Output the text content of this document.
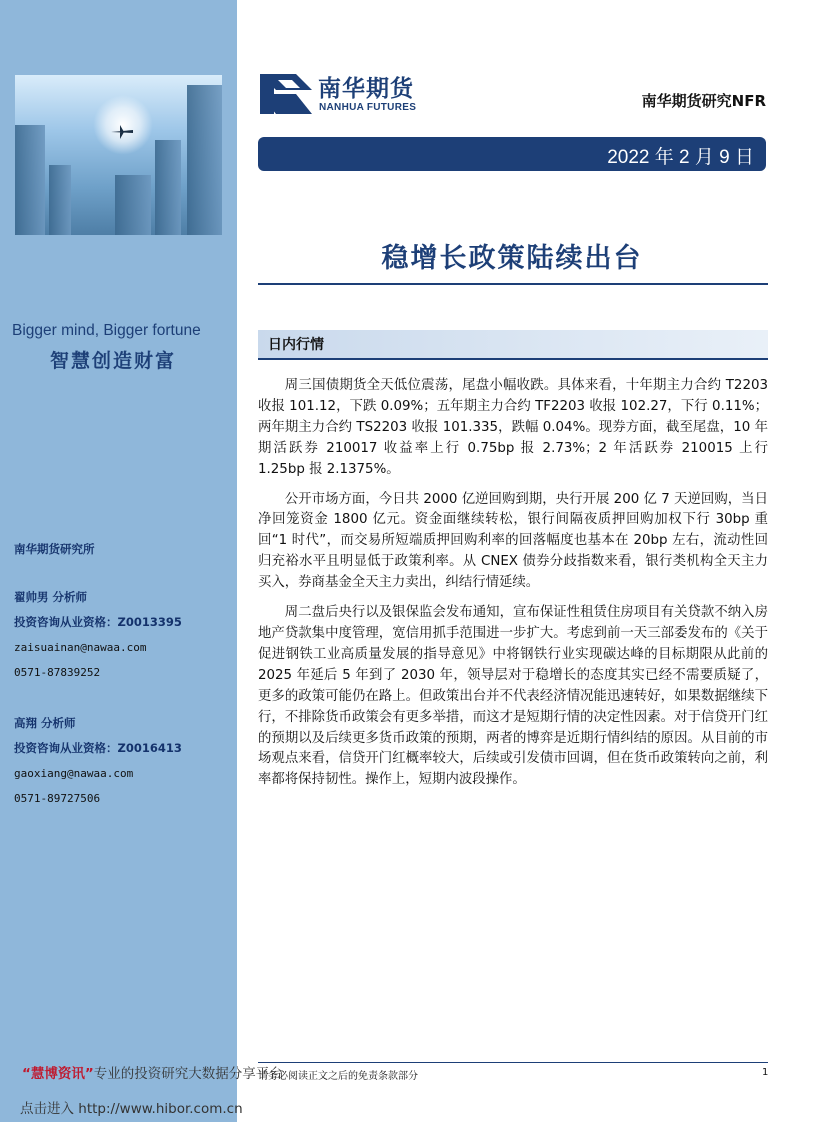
Bigger mind, Bigger fortune
智慧创造财富
南华期货研究所
翟帅男 分析师
投资咨询从业资格：Z0013395
zaisuainan@nawaa.com
0571-87839252
高翔 分析师
投资咨询从业资格：Z0016413
gaoxiang@nawaa.com
0571-89727506
南华期货
NANHUA FUTURES	南华期货研究NFR
2022 年 2 月 9 日
稳增长政策陆续出台
日内行情

周三国债期货全天低位震荡，尾盘小幅收跌。具体来看，十年期主力合约 T2203 收报 101.12，下跌 0.09%；五年期主力合约 TF2203 收报 102.27，下行 0.11%；两年期主力合约 TS2203 收报 101.335，跌幅 0.04%。现券方面，截至尾盘，10 年期活跃券 210017 收益率上行 0.75bp 报 2.73%；2 年活跃券 210015 上行 1.25bp 报 2.1375%。

公开市场方面，今日共 2000 亿逆回购到期，央行开展 200 亿 7 天逆回购，当日净回笼资金 1800 亿元。资金面继续转松，银行间隔夜质押回购加权下行 30bp 重回“1 时代”，而交易所短端质押回购利率的回落幅度也基本在 20bp 左右，流动性回归充裕水平且明显低于政策利率。从 CNEX 债券分歧指数来看，银行类机构全天主力买入，券商基金全天主力卖出，纠结行情延续。

周二盘后央行以及银保监会发布通知，宣布保证性租赁住房项目有关贷款不纳入房地产贷款集中度管理，宽信用抓手范围进一步扩大。考虑到前一天三部委发布的《关于促进钢铁工业高质量发展的指导意见》中将钢铁行业实现碳达峰的目标期限从此前的 2025 年延后 5 年到了 2030 年，领导层对于稳增长的态度其实已经不需要质疑了，更多的政策可能仍在路上。但政策出台并不代表经济情况能迅速转好，如果数据继续下行，不排除货币政策会有更多举措，而这才是短期行情的决定性因素。对于信贷开门红的预期以及后续更多货币政策的预期，两者的博弈是近期行情纠结的原因。从目前的市场观点来看，信贷开门红概率较大，后续或引发债市回调，但在货币政策转向之前，利率都将保持韧性。操作上，短期内波段操作。

请务必阅读正文之后的免责条款部分	1
“慧博资讯”专业的投资研究大数据分享平台
点击进入 http://www.hibor.com.cn
